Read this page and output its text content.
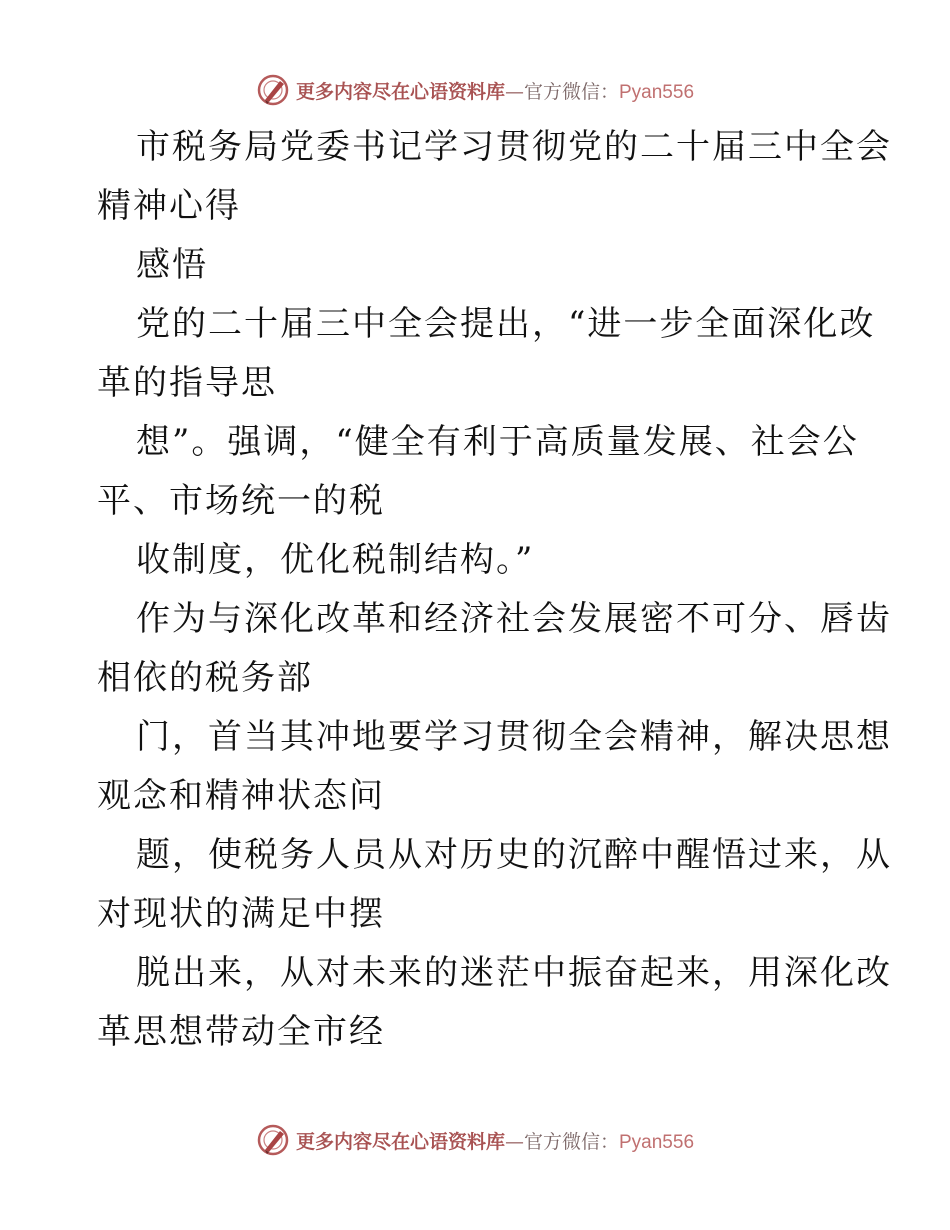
更多内容尽在心语资料库—官方微信：Pyan556
市税务局党委书记学习贯彻党的二十届三中全会
精神心得
感悟
党的二十届三中全会提出，“进一步全面深化改
革的指导思
想”。强调，“健全有利于高质量发展、社会公
平、市场统一的税
收制度，优化税制结构。”
作为与深化改革和经济社会发展密不可分、唇齿
相依的税务部
门，首当其冲地要学习贯彻全会精神，解决思想
观念和精神状态问
题，使税务人员从对历史的沉醉中醒悟过来，从
对现状的满足中摆
脱出来，从对未来的迷茫中振奋起来，用深化改
革思想带动全市经
更多内容尽在心语资料库—官方微信：Pyan556
